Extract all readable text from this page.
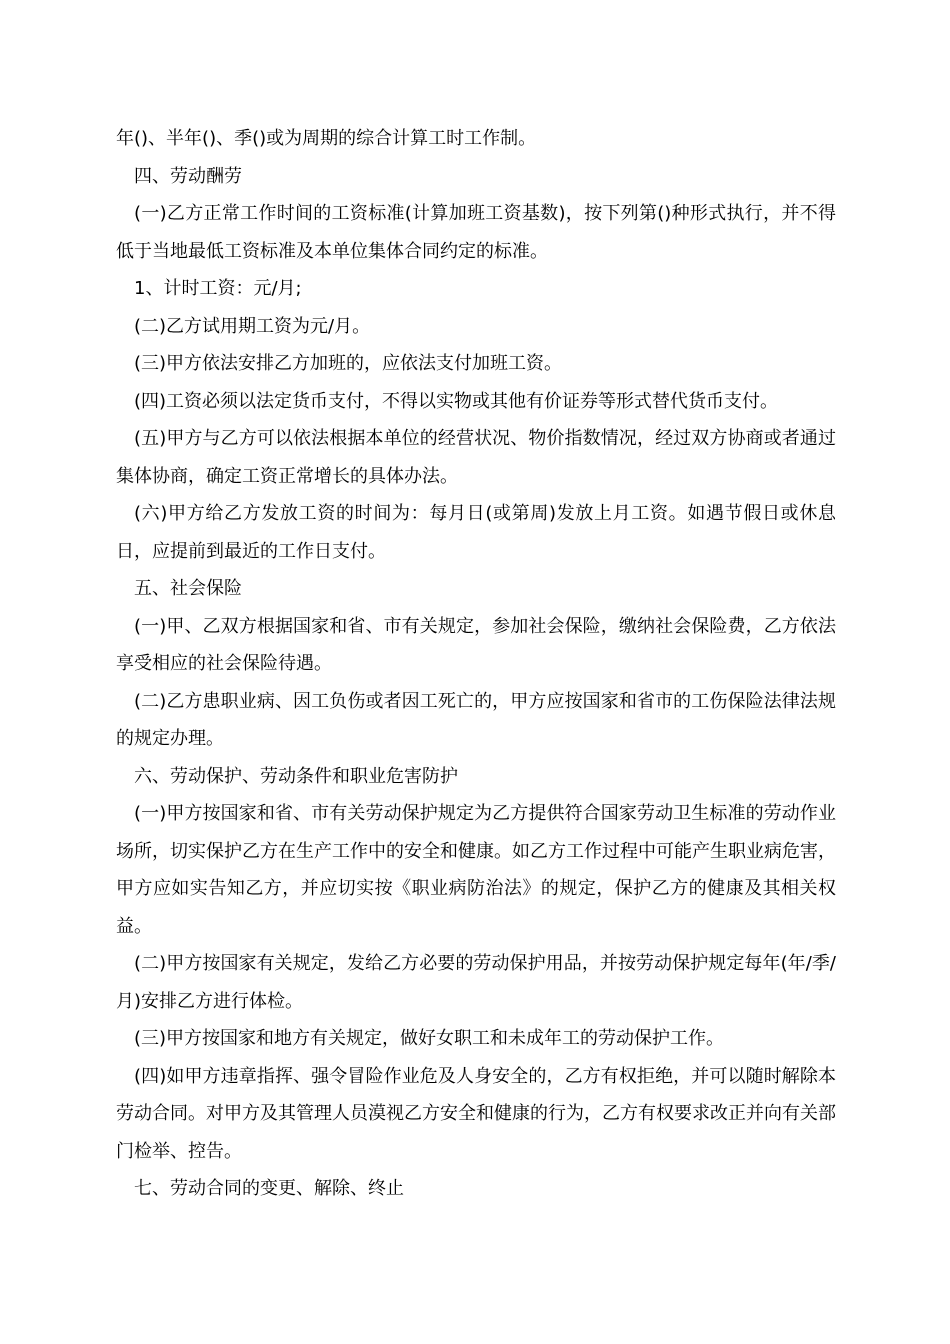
年()、半年()、季()或为周期的综合计算工时工作制。

四、劳动酬劳

(一)乙方正常工作时间的工资标准(计算加班工资基数)，按下列第()种形式执行，并不得低于当地最低工资标准及本单位集体合同约定的标准。

1、计时工资：元/月;

(二)乙方试用期工资为元/月。

(三)甲方依法安排乙方加班的，应依法支付加班工资。

(四)工资必须以法定货币支付，不得以实物或其他有价证券等形式替代货币支付。

(五)甲方与乙方可以依法根据本单位的经营状况、物价指数情况，经过双方协商或者通过集体协商，确定工资正常增长的具体办法。

(六)甲方给乙方发放工资的时间为：每月日(或第周)发放上月工资。如遇节假日或休息日，应提前到最近的工作日支付。

五、社会保险

(一)甲、乙双方根据国家和省、市有关规定，参加社会保险，缴纳社会保险费，乙方依法享受相应的社会保险待遇。

(二)乙方患职业病、因工负伤或者因工死亡的，甲方应按国家和省市的工伤保险法律法规的规定办理。

六、劳动保护、劳动条件和职业危害防护

(一)甲方按国家和省、市有关劳动保护规定为乙方提供符合国家劳动卫生标准的劳动作业场所，切实保护乙方在生产工作中的安全和健康。如乙方工作过程中可能产生职业病危害，甲方应如实告知乙方，并应切实按《职业病防治法》的规定，保护乙方的健康及其相关权益。

(二)甲方按国家有关规定，发给乙方必要的劳动保护用品，并按劳动保护规定每年(年/季/月)安排乙方进行体检。

(三)甲方按国家和地方有关规定，做好女职工和未成年工的劳动保护工作。

(四)如甲方违章指挥、强令冒险作业危及人身安全的，乙方有权拒绝，并可以随时解除本劳动合同。对甲方及其管理人员漠视乙方安全和健康的行为，乙方有权要求改正并向有关部门检举、控告。

七、劳动合同的变更、解除、终止
